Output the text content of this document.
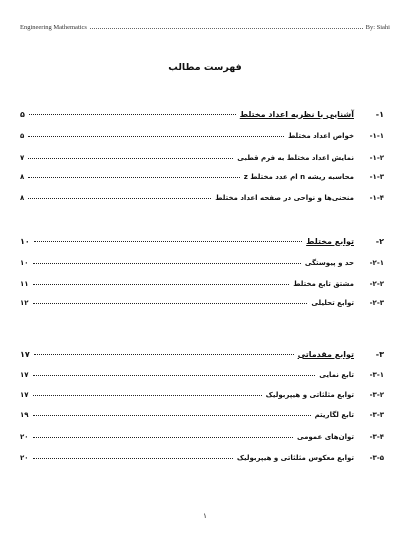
Engineering Mathematics	By: Siahi
فهرست مطالب
١-
آشنایی با نظریه اعداد مختلط
۵
١-١-
خواص اعداد مختلط
۵
٢-١-
نمایش اعداد مختلط به فرم قطبی
٧
٣-١-
محاسبه ریشه n ام عدد مختلط z
٨
۴-١-
منحنی‌ها و نواحی در صفحه اعداد مختلط
٨
٢-
توابع مختلط
١٠
١-٢-
حد و پیوستگی
١٠
٢-٢-
مشتق تابع مختلط
١١
٣-٢-
توابع تحلیلی
١٢
٣-
توابع مقدماتی
١٧
١-٣-
تابع نمایی
١٧
٢-٣-
توابع مثلثاتی و هیپربولیک
١٧
٣-٣-
تابع لگاریتم
١٩
۴-٣-
توان‌های عمومی
٢٠
۵-٣-
توابع معکوس مثلثاتی و هیپربولیک
٢٠
١
